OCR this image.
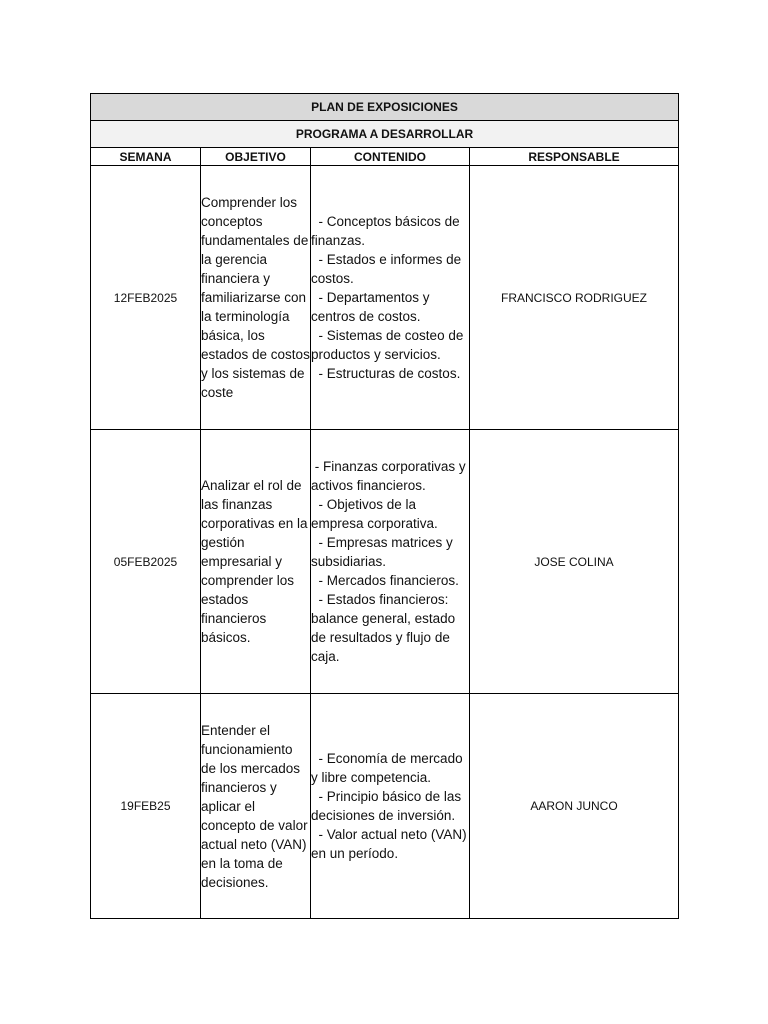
PLAN DE EXPOSICIONES			
PROGRAMA A DESARROLLAR			
SEMANA	OBJETIVO	CONTENIDO	RESPONSABLE
12FEB2025	Comprender los conceptos fundamentales de la gerencia financiera y familiarizarse con la terminología básica, los estados de costos y los sistemas de coste	- Conceptos básicos de finanzas.
- Estados e informes de costos.
- Departamentos y centros de costos.
- Sistemas de costeo de productos y servicios.
- Estructuras de costos.	FRANCISCO RODRIGUEZ
05FEB2025	Analizar el rol de las finanzas corporativas en la gestión empresarial y comprender los estados financieros básicos.	- Finanzas corporativas y activos financieros.
- Objetivos de la empresa corporativa.
- Empresas matrices y subsidiarias.
- Mercados financieros.
- Estados financieros: balance general, estado de resultados y flujo de caja.	JOSE COLINA
19FEB25	Entender el funcionamiento de los mercados financieros y aplicar el concepto de valor actual neto (VAN) en la toma de decisiones.	- Economía de mercado y libre competencia.
- Principio básico de las decisiones de inversión.
- Valor actual neto (VAN) en un período.	AARON JUNCO
